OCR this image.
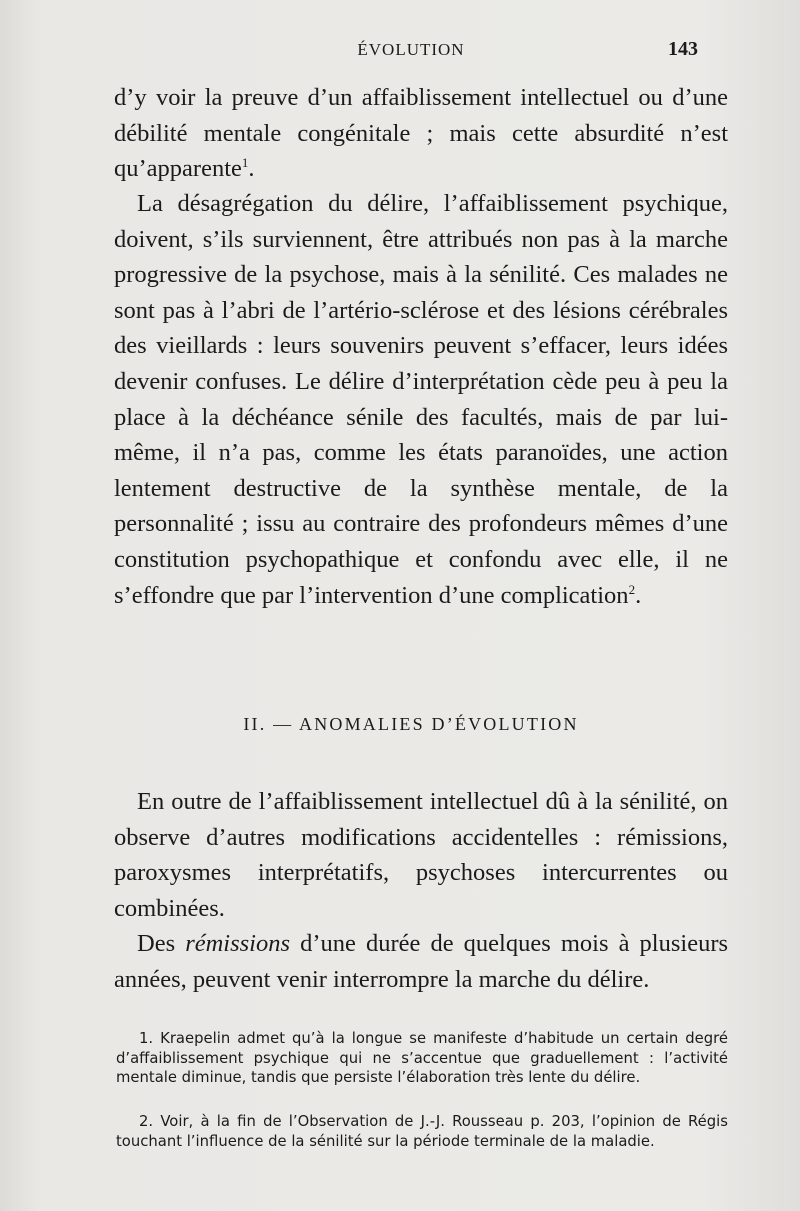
ÉVOLUTION	143

d’y voir la preuve d’un affaiblissement intellectuel ou d’une débilité mentale congénitale ; mais cette absurdité n’est qu’apparente$^1$.

La désagrégation du délire, l’affaiblissement psychique, doivent, s’ils surviennent, être attribués non pas à la marche progressive de la psychose, mais à la sénilité. Ces malades ne sont pas à l’abri de l’artério-sclérose et des lésions cérébrales des vieillards : leurs souvenirs peuvent s’effacer, leurs idées devenir confuses. Le délire d’interprétation cède peu à peu la place à la déchéance sénile des facultés, mais de par lui-même, il n’a pas, comme les états paranoïdes, une action lentement destructive de la synthèse mentale, de la personnalité ; issu au contraire des profondeurs mêmes d’une constitution psychopathique et confondu avec elle, il ne s’effondre que par l’intervention d’une complication$^2$.

II. — ANOMALIES D’ÉVOLUTION

En outre de l’affaiblissement intellectuel dû à la sénilité, on observe d’autres modifications accidentelles : rémissions, paroxysmes interprétatifs, psychoses intercurrentes ou combinées.

Des rémissions d’une durée de quelques mois à plusieurs années, peuvent venir interrompre la marche du délire.

1. Kraepelin admet qu’à la longue se manifeste d’habitude un certain degré d’affaiblissement psychique qui ne s’accentue que graduellement : l’activité mentale diminue, tandis que persiste l’élaboration très lente du délire.

2. Voir, à la fin de l’Observation de J.-J. Rousseau p. 203, l’opinion de Régis touchant l’influence de la sénilité sur la période terminale de la maladie.
